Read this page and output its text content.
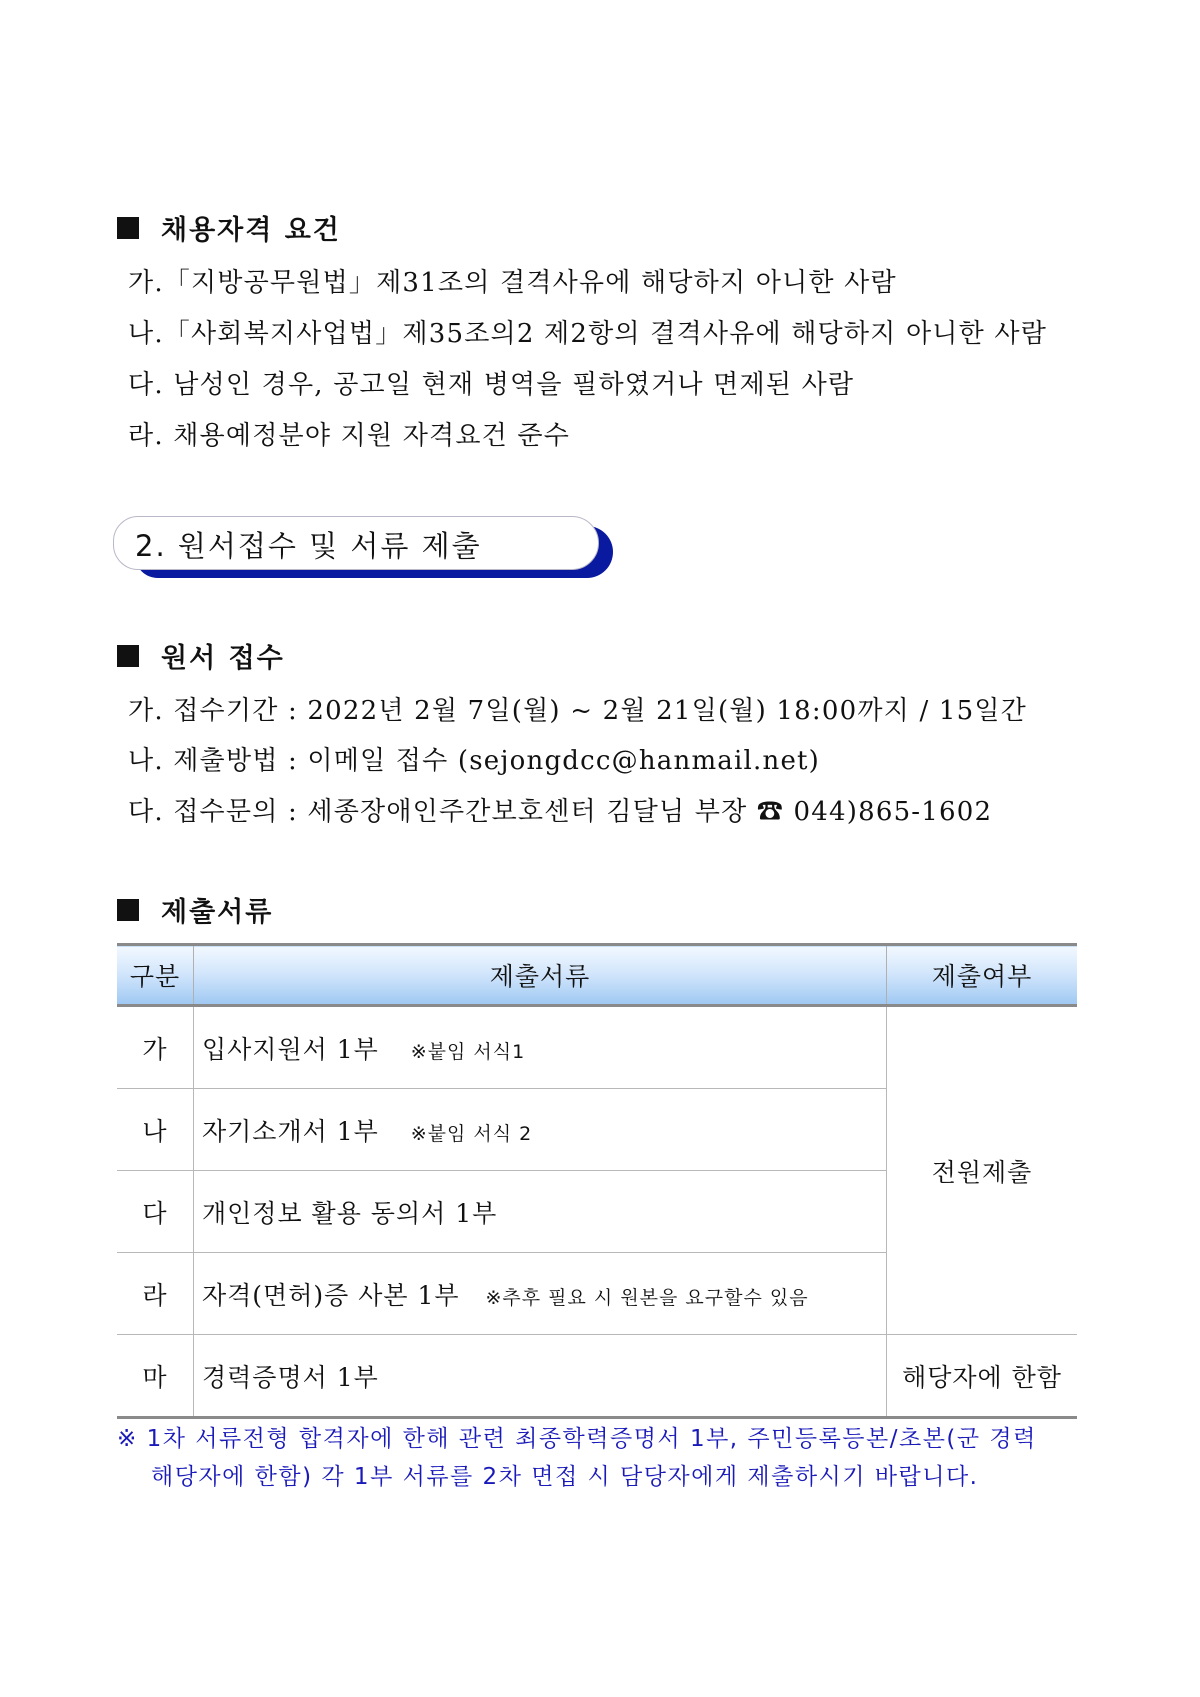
채용자격 요건
가.「지방공무원법」제31조의 결격사유에 해당하지 아니한 사람
나.「사회복지사업법」제35조의2 제2항의 결격사유에 해당하지 아니한 사람
다. 남성인 경우, 공고일 현재 병역을 필하였거나 면제된 사람
라. 채용예정분야 지원 자격요건 준수
2. 원서접수 및 서류 제출
원서 접수
가. 접수기간 : 2022년 2월 7일(월) ~ 2월 21일(월) 18:00까지 / 15일간
나. 제출방법 : 이메일 접수 (sejongdcc@hanmail.net)
다. 접수문의 : 세종장애인주간보호센터 김달님 부장 ☎ 044)865-1602
제출서류
구분	제출서류	제출여부
가	입사지원서 1부 ※붙임 서식1	전원제출
나	자기소개서 1부 ※붙임 서식 2	
다	개인정보 활용 동의서 1부	
라	자격(면허)증 사본 1부 ※추후 필요 시 원본을 요구할수 있음	
마	경력증명서 1부	해당자에 한함
※ 1차 서류전형 합격자에 한해 관련 최종학력증명서 1부, 주민등록등본/초본(군 경력
해당자에 한함) 각 1부 서류를 2차 면접 시 담당자에게 제출하시기 바랍니다.
